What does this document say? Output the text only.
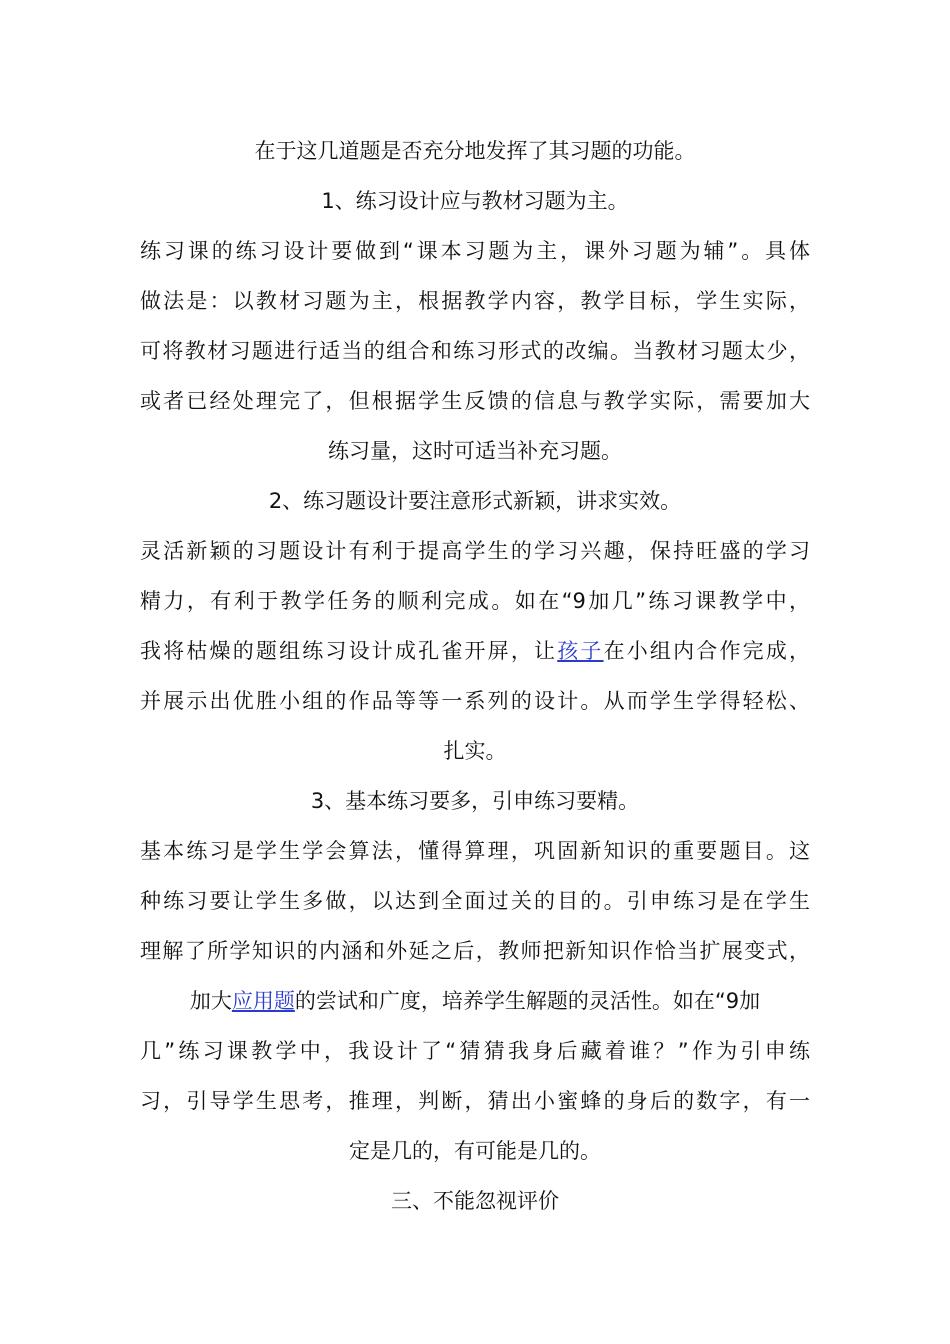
在于这几道题是否充分地发挥了其习题的功能。
1、练习设计应与教材习题为主。
练习课的练习设计要做到“课本习题为主，课外习题为辅”。具体
做法是：以教材习题为主，根据教学内容，教学目标，学生实际，
可将教材习题进行适当的组合和练习形式的改编。当教材习题太少，
或者已经处理完了，但根据学生反馈的信息与教学实际，需要加大
练习量，这时可适当补充习题。
2、练习题设计要注意形式新颖，讲求实效。
灵活新颖的习题设计有利于提高学生的学习兴趣，保持旺盛的学习
精力，有利于教学任务的顺利完成。如在“9加几”练习课教学中，
我将枯燥的题组练习设计成孔雀开屏，让孩子在小组内合作完成，
并展示出优胜小组的作品等等一系列的设计。从而学生学得轻松、
扎实。
3、基本练习要多，引申练习要精。
基本练习是学生学会算法，懂得算理，巩固新知识的重要题目。这
种练习要让学生多做，以达到全面过关的目的。引申练习是在学生
理解了所学知识的内涵和外延之后，教师把新知识作恰当扩展变式，
加大应用题的尝试和广度，培养学生解题的灵活性。如在“9加
几”练习课教学中，我设计了“猜猜我身后藏着谁？”作为引申练
习，引导学生思考，推理，判断，猜出小蜜蜂的身后的数字，有一
定是几的，有可能是几的。
三、不能忽视评价
